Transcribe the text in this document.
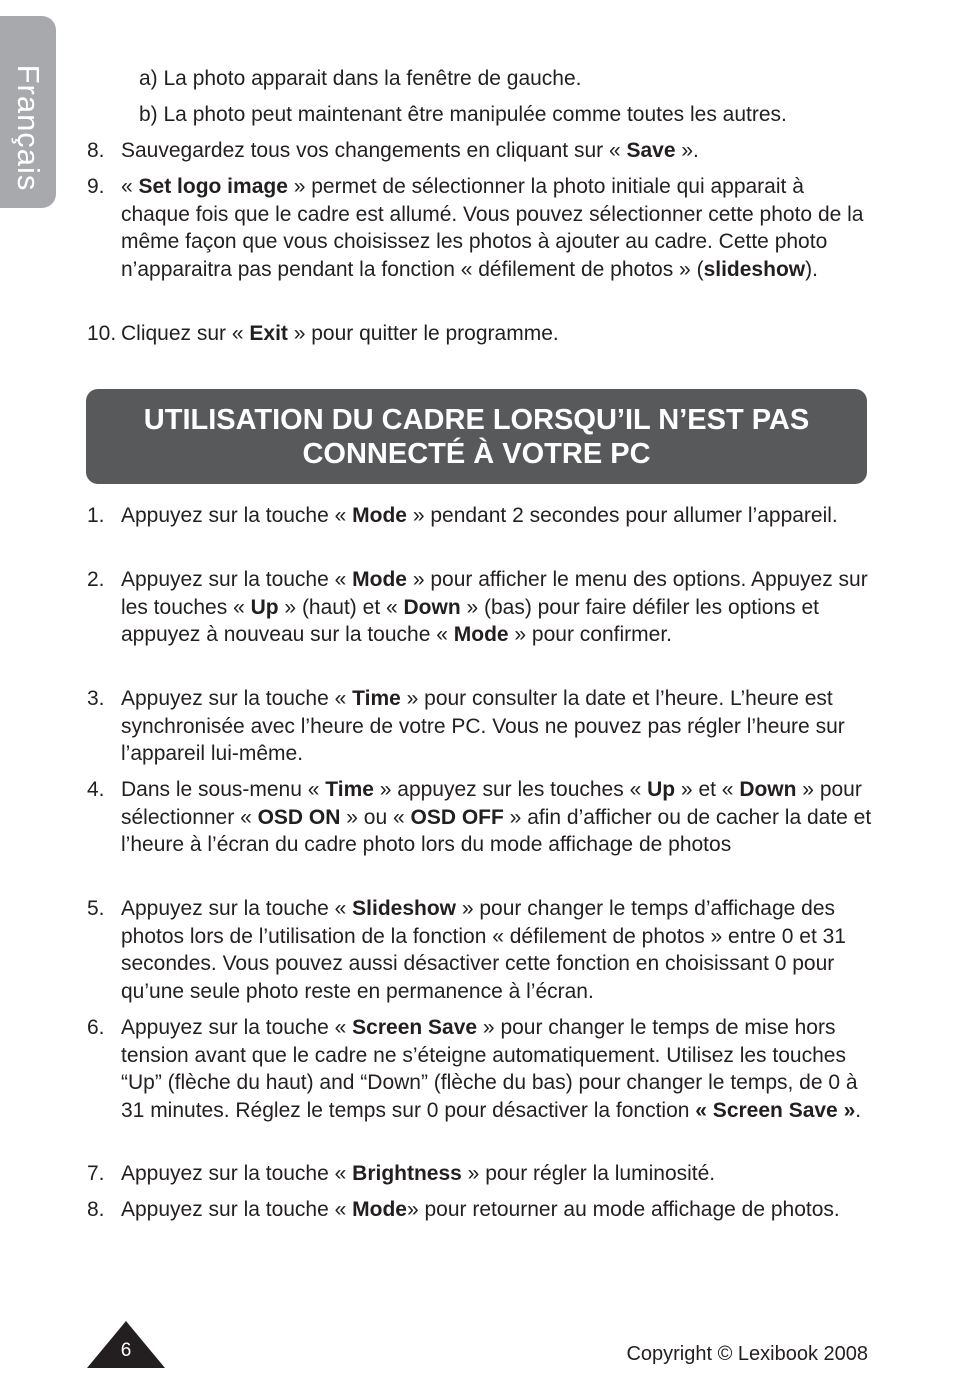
Français	a) La photo apparait dans la fenêtre de gauche.

b) La photo peut maintenant être manipulée comme toutes les autres.

8. Sauvegardez tous vos changements en cliquant sur « Save ».
9. « Set logo image » permet de sélectionner la photo initiale qui apparait à chaque fois que le cadre est allumé. Vous pouvez sélectionner cette photo de la même façon que vous choisissez les photos à ajouter au cadre. Cette photo n’apparaitra pas pendant la fonction « défilement de photos » (slideshow).
10. Cliquez sur « Exit » pour quitter le programme.
UTILISATION DU CADRE LORSQU’IL N’EST PAS
CONNECTÉ À VOTRE PC
1. Appuyez sur la touche « Mode » pendant 2 secondes pour allumer l’appareil.
2. Appuyez sur la touche « Mode » pour afficher le menu des options. Appuyez sur les touches « Up » (haut) et « Down » (bas) pour faire défiler les options et appuyez à nouveau sur la touche « Mode » pour confirmer.
3. Appuyez sur la touche « Time » pour consulter la date et l’heure. L’heure est synchronisée avec l’heure de votre PC. Vous ne pouvez pas régler l’heure sur l’appareil lui-même.
4. Dans le sous-menu « Time » appuyez sur les touches « Up » et « Down » pour sélectionner « OSD ON » ou « OSD OFF » afin d’afficher ou de cacher la date et l’heure à l’écran du cadre photo lors du mode affichage de photos
5. Appuyez sur la touche « Slideshow » pour changer le temps d’affichage des photos lors de l’utilisation de la fonction « défilement de photos » entre 0 et 31 secondes. Vous pouvez aussi désactiver cette fonction en choisissant 0 pour qu’une seule photo reste en permanence à l’écran.
6. Appuyez sur la touche « Screen Save » pour changer le temps de mise hors tension avant que le cadre ne s’éteigne automatiquement. Utilisez les touches “Up” (flèche du haut) and “Down” (flèche du bas) pour changer le temps, de 0 à 31 minutes. Réglez le temps sur 0 pour désactiver la fonction « Screen Save ».
7. Appuyez sur la touche « Brightness » pour régler la luminosité.
8. Appuyez sur la touche « Mode» pour retourner au mode affichage de photos.
6	Copyright © Lexibook 2008
